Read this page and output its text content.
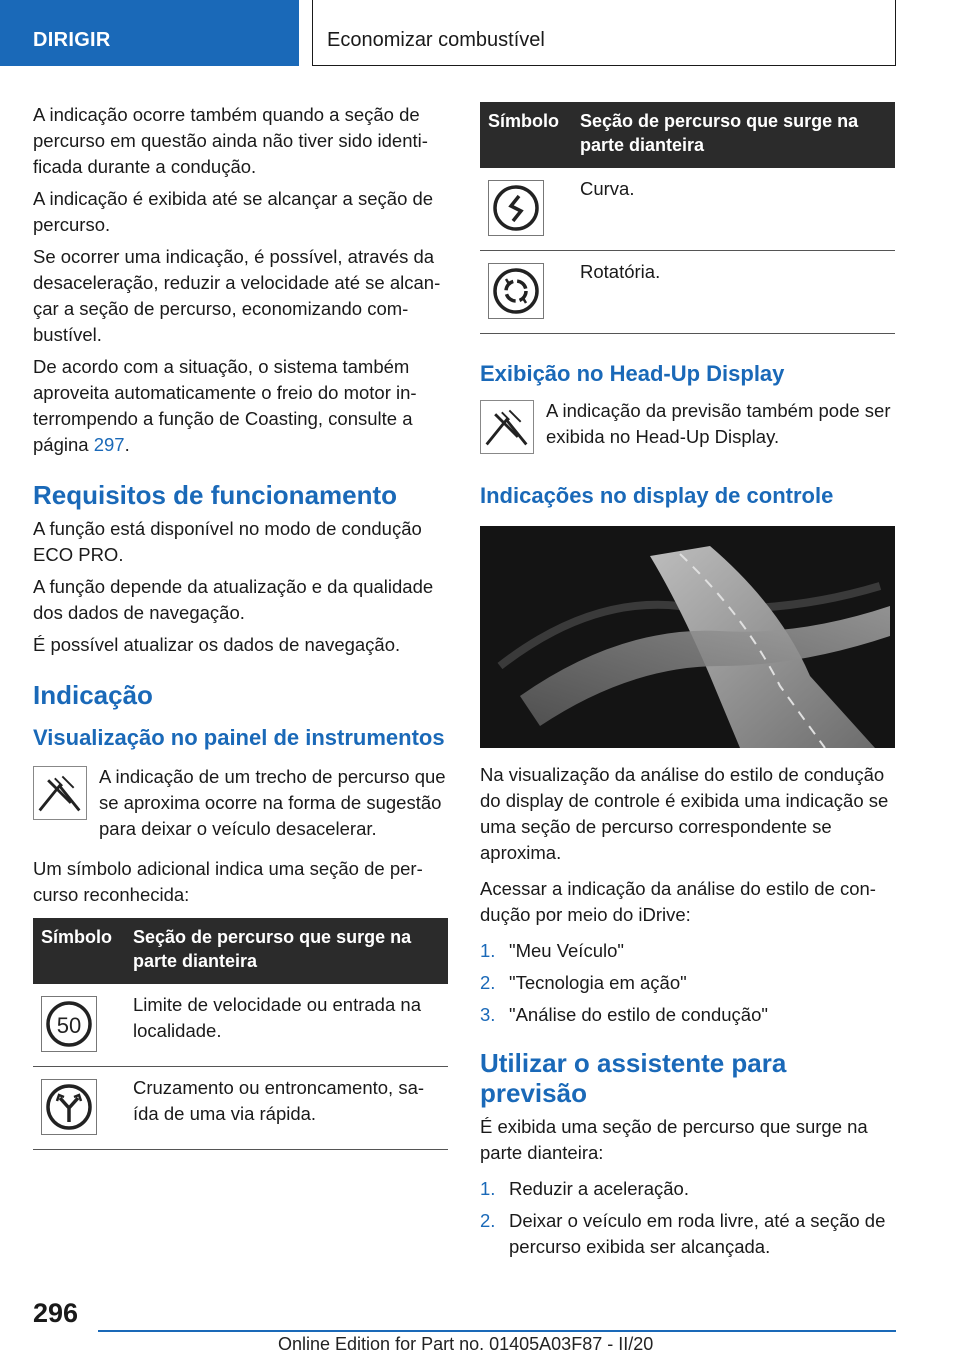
DIRIGIR	Economizar combustível

A indicação ocorre também quando a seção de percurso em questão ainda não tiver sido identificada durante a condução.

A indicação é exibida até se alcançar a seção de percurso.

Se ocorrer uma indicação, é possível, através da desaceleração, reduzir a velocidade até se alcançar a seção de percurso, economizando combustível.

De acordo com a situação, o sistema também aproveita automaticamente o freio do motor interrompendo a função de Coasting, consulte a página 297.

Requisitos de funcionamento

A função está disponível no modo de condução ECO PRO.

A função depende da atualização e da qualidade dos dados de navegação.

É possível atualizar os dados de navegação.

Indicação
Visualização no painel de instrumentos

A indicação de um trecho de percurso que se aproxima ocorre na forma de sugestão para deixar o veículo desacelerar.

Um símbolo adicional indica uma seção de percurso reconhecida:

Símbolo	Seção de percurso que surge na parte dianteira

50	Limite de velocidade ou entrada na localidade.

	Cruzamento ou entroncamento, saída de uma via rápida.
Símbolo	Seção de percurso que surge na parte dianteira

	Curva.

	Rotatória.
Exibição no Head-Up Display

A indicação da previsão também pode ser exibida no Head-Up Display.

Indicações no display de controle

Na visualização da análise do estilo de condução do display de controle é exibida uma indicação se uma seção de percurso correspondente se aproxima.

Acessar a indicação da análise do estilo de condução por meio do iDrive:

1. "Meu Veículo"
2. "Tecnologia em ação"
3. "Análise do estilo de condução"
Utilizar o assistente para previsão

É exibida uma seção de percurso que surge na parte dianteira:

1. Reduzir a aceleração.
2. Deixar o veículo em roda livre, até a seção de percurso exibida ser alcançada.
296
Online Edition for Part no. 01405A03F87 - II/20
